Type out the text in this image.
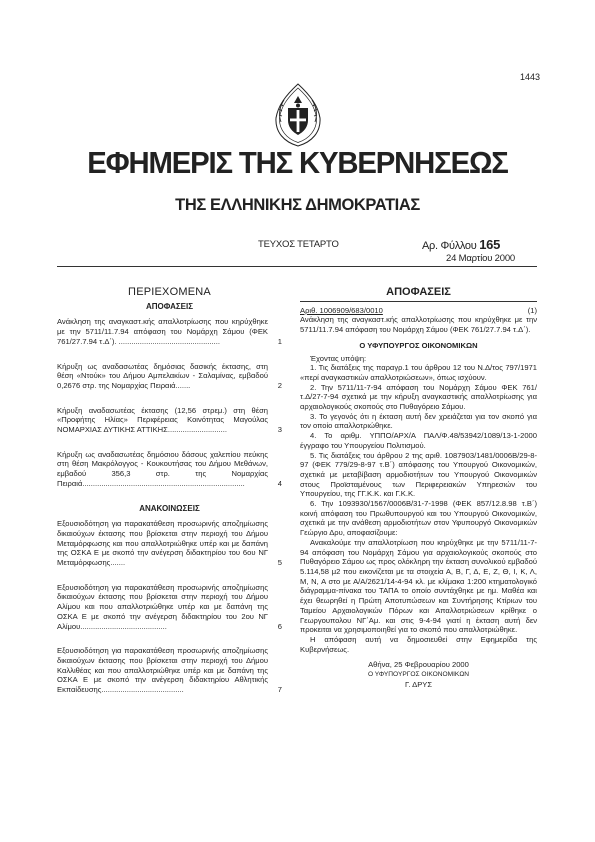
1443
ΕΦΗΜΕΡΙΣ ΤΗΣ ΚΥΒΕΡΝΗΣΕΩΣ
ΤΗΣ ΕΛΛΗΝΙΚΗΣ ΔΗΜΟΚΡΑΤΙΑΣ
ΤΕΥΧΟΣ ΤΕΤΑΡΤΟ	Αρ. Φύλλου 165
24 Μαρτίου 2000
ΠΕΡΙΕΧΟΜΕΝΑ
ΑΠΟΦΑΣΕΙΣ
Ανάκληση της αναγκαστ.κής απαλλοτρίωσης που κηρύχθηκε με την 5711/11.7.94 απόφαση του Νομάρχη Σάμου (ΦΕΚ 761/27.7.94 τ.Δ΄). ................................................	1
Κήρυξη ως αναδασωτέας δημόσιας δασικής έκτασης, στη θέση «Ντούκ» του Δήμου Αμπελακίων - Σαλαμίνας, εμβαδού 0,2676 στρ. της Νομαρχίας Πειραιά.......	2
Κήρυξη αναδασωτέας έκτασης (12,56 στρεμ.) στη θέση «Προφήτης Ηλίας» Περιφέρειας Κοινότητας Μαγούλας ΝΟΜΑΡΧΙΑΣ ΔΥΤΙΚΗΣ ΑΤΤΙΚΗΣ............................	3
Κήρυξη ως αναδασωτέας δημόσιου δάσους χαλεπίου πεύκης στη θέση Μακρόλογγος - Κουκουτήσας του Δήμου Μεθάνων, εμβαδού 356,3 στρ. της Νομαρχίας Πειραιά.............................................................................	4
ΑΝΑΚΟΙΝΩΣΕΙΣ
Εξουσιοδότηση για παρακατάθεση προσωρινής αποζημίωσης δικαιούχων έκτασης που βρίσκεται στην περιοχή του Δήμου Μεταμόρφωσης και που απαλλοτριώθηκε υπέρ και με δαπάνη της ΟΣΚΑ Ε με σκοπό την ανέγερση διδακτηρίου του 6ου ΝΓ Μεταμόρφωσης.......	5
Εξουσιοδότηση για παρακατάθεση προσωρινής αποζημίωσης δικαιούχων έκτασης που βρίσκεται στην περιοχή του Δήμου Αλίμου και που απαλλοτριώθηκε υπέρ και με δαπάνη της ΟΣΚΑ Ε με σκοπό την ανέγερση διδακτηρίου του 2ου ΝΓ Αλίμου.........................................	6
Εξουσιοδότηση για παρακατάθεση προσωρινής αποζημίωσης δικαιούχων έκτασης που βρίσκεται στην περιοχή του Δήμου Καλλιθέας και που απαλλοτριώθηκε υπέρ και με δαπάνη της ΟΣΚΑ Ε με σκοπό την ανέγερση διδακτηρίου Αθλητικής Εκπαίδευσης.......................................	7
ΑΠΟΦΑΣΕΙΣ
Αριθ. 1006909/683/0010	(1)
Ανάκληση της αναγκαστ.κής απαλλοτρίωσης που κηρύχθηκε με την 5711/11.7.94 απόφαση του Νομάρχη Σάμου (ΦΕΚ 761/27.7.94 τ.Δ΄).
Ο ΥΦΥΠΟΥΡΓΟΣ ΟΙΚΟΝΟΜΙΚΩΝ

Έχοντας υπόψη:

1. Τις διατάξεις της παραγρ.1 του άρθρου 12 του Ν.Δ/τος 797/1971 «περί αναγκαστικών απαλλοτριώσεων», όπως ισχύουν.

2. Την 5711/11-7-94 απόφαση του Νομάρχη Σάμου ΦΕΚ 761/τ.Δ/27-7-94 σχετικά με την κήρυξη αναγκαστικής απαλλοτρίωσης για αρχαιολογικούς σκοπούς στο Πυθαγόρειο Σάμου.

3. Το γεγονός ότι η έκταση αυτή δεν χρειάζεται για τον σκοπό για τον οποίο απαλλοτριώθηκε.

4. Το αριθμ. ΥΠΠΟ/ΑΡΧ/Α ΠΑΛ/Φ.48/53942/1089/13-1-2000 έγγραφο του Υπουργείου Πολιτισμού.

5. Τις διατάξεις του άρθρου 2 της αριθ. 1087903/1481/0006Β/29-8-97 (ΦΕΚ 779/29-8-97 τ.Β΄) απόφασης του Υπουργού Οικονομικών, σχετικά με μεταβίβαση αρμοδιοτήτων του Υπουργού Οικονομικών στους Προϊσταμένους των Περιφερειακών Υπηρεσιών του Υπουργείου, της ΓΓ.Κ.Κ. και Γ.Κ.Κ.

6. Την 1093930/1567/0006Β/31-7-1998 (ΦΕΚ 857/12.8.98 τ.Β΄) κοινή απόφαση του Πρωθυπουργού και του Υπουργού Οικονομικών, σχετικά με την ανάθεση αρμοδιοτήτων στον Υφυπουργό Οικονομικών Γεώργιο Δρυ, αποφασίζουμε:

Ανακαλούμε την απαλλοτρίωση που κηρύχθηκε με την 5711/11-7-94 απόφαση του Νομάρχη Σάμου για αρχαιολογικούς σκοπούς στο Πυθαγόρειο Σάμου ως προς ολόκληρη την έκταση συνολικού εμβαδού 5.114,58 μ2 που εικονίζεται με τα στοιχεία Α, Β, Γ, Δ, Ε, Ζ, Θ, Ι, Κ, Λ, Μ, Ν, Α στο με Α/Α/2621/14-4-94 κλ. με κλίμακα 1:200 κτηματολογικό διάγραμμα-πίνακα του ΤΑΠΑ το οποίο συντάχθηκε με ημ. Μαθέα και έχει θεωρηθεί η Πρώτη Αποτυπώσεων και Συντήρησης Κτίριων του Ταμείου Αρχαιολογικών Πόρων και Απαλλοτριώσεων κρίθηκε ο Γεωργουπολου ΝΓ΄Αμ. και στις 9-4-94 γιατί η έκταση αυτή δεν προκειται να χρησιμοποιηθεί για το σκοπό που απαλλοτριώθηκε.

Η απόφαση αυτή να δημοσιευθεί στην Εφημερίδα της Κυβερνήσεως.

Αθήνα, 25 Φεβρουαρίου 2000

Ο ΥΦΥΠΟΥΡΓΟΣ ΟΙΚΟΝΟΜΙΚΩΝ

Γ. ΔΡΥΣ
